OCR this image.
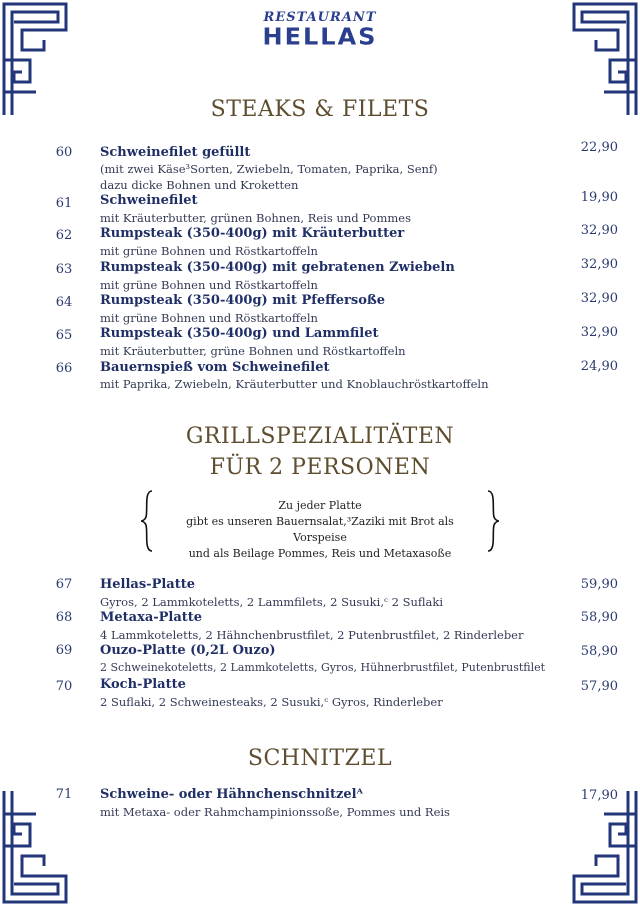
RESTAURANT
HELLAS
STEAKS & FILETS
60 Schweinefilet gefüllt	22,90
(mit zwei Käse³Sorten, Zwiebeln, Tomaten, Paprika, Senf)
dazu dicke Bohnen und Kroketten
61 Schweinefilet	19,90
mit Kräuterbutter, grünen Bohnen, Reis und Pommes
62 Rumpsteak (350-400g) mit Kräuterbutter	32,90
mit grüne Bohnen und Röstkartoffeln
63 Rumpsteak (350-400g) mit gebratenen Zwiebeln	32,90
mit grüne Bohnen und Röstkartoffeln
64 Rumpsteak (350-400g) mit Pfeffersoße	32,90
mit grüne Bohnen und Röstkartoffeln
65 Rumpsteak (350-400g) und Lammfilet	32,90
mit Kräuterbutter, grüne Bohnen und Röstkartoffeln
66 Bauernspieß vom Schweinefilet	24,90
mit Paprika, Zwiebeln, Kräuterbutter und Knoblauchröstkartoffeln
GRILLSPEZIALITÄTEN
FÜR 2 PERSONEN
Zu jeder Platte
gibt es unseren Bauernsalat,³Zaziki mit Brot als Vorspeise
und als Beilage Pommes, Reis und Metaxasoße
67 Hellas-Platte	59,90
Gyros, 2 Lammkoteletts, 2 Lammfilets, 2 Susuki,ᶜ 2 Suflaki
68 Metaxa-Platte	58,90
4 Lammkoteletts, 2 Hähnchenbrustfilet, 2 Putenbrustfilet, 2 Rinderleber
69 Ouzo-Platte (0,2L Ouzo)	58,90
2 Schweinekoteletts, 2 Lammkoteletts, Gyros, Hühnerbrustfilet, Putenbrustfilet
70 Koch-Platte	57,90
2 Suflaki, 2 Schweinesteaks, 2 Susuki,ᶜ Gyros, Rinderleber
SCHNITZEL
71 Schweine- oder Hähnchenschnitzelᴬ	17,90
mit Metaxa- oder Rahmchampinionssoße, Pommes und Reis
